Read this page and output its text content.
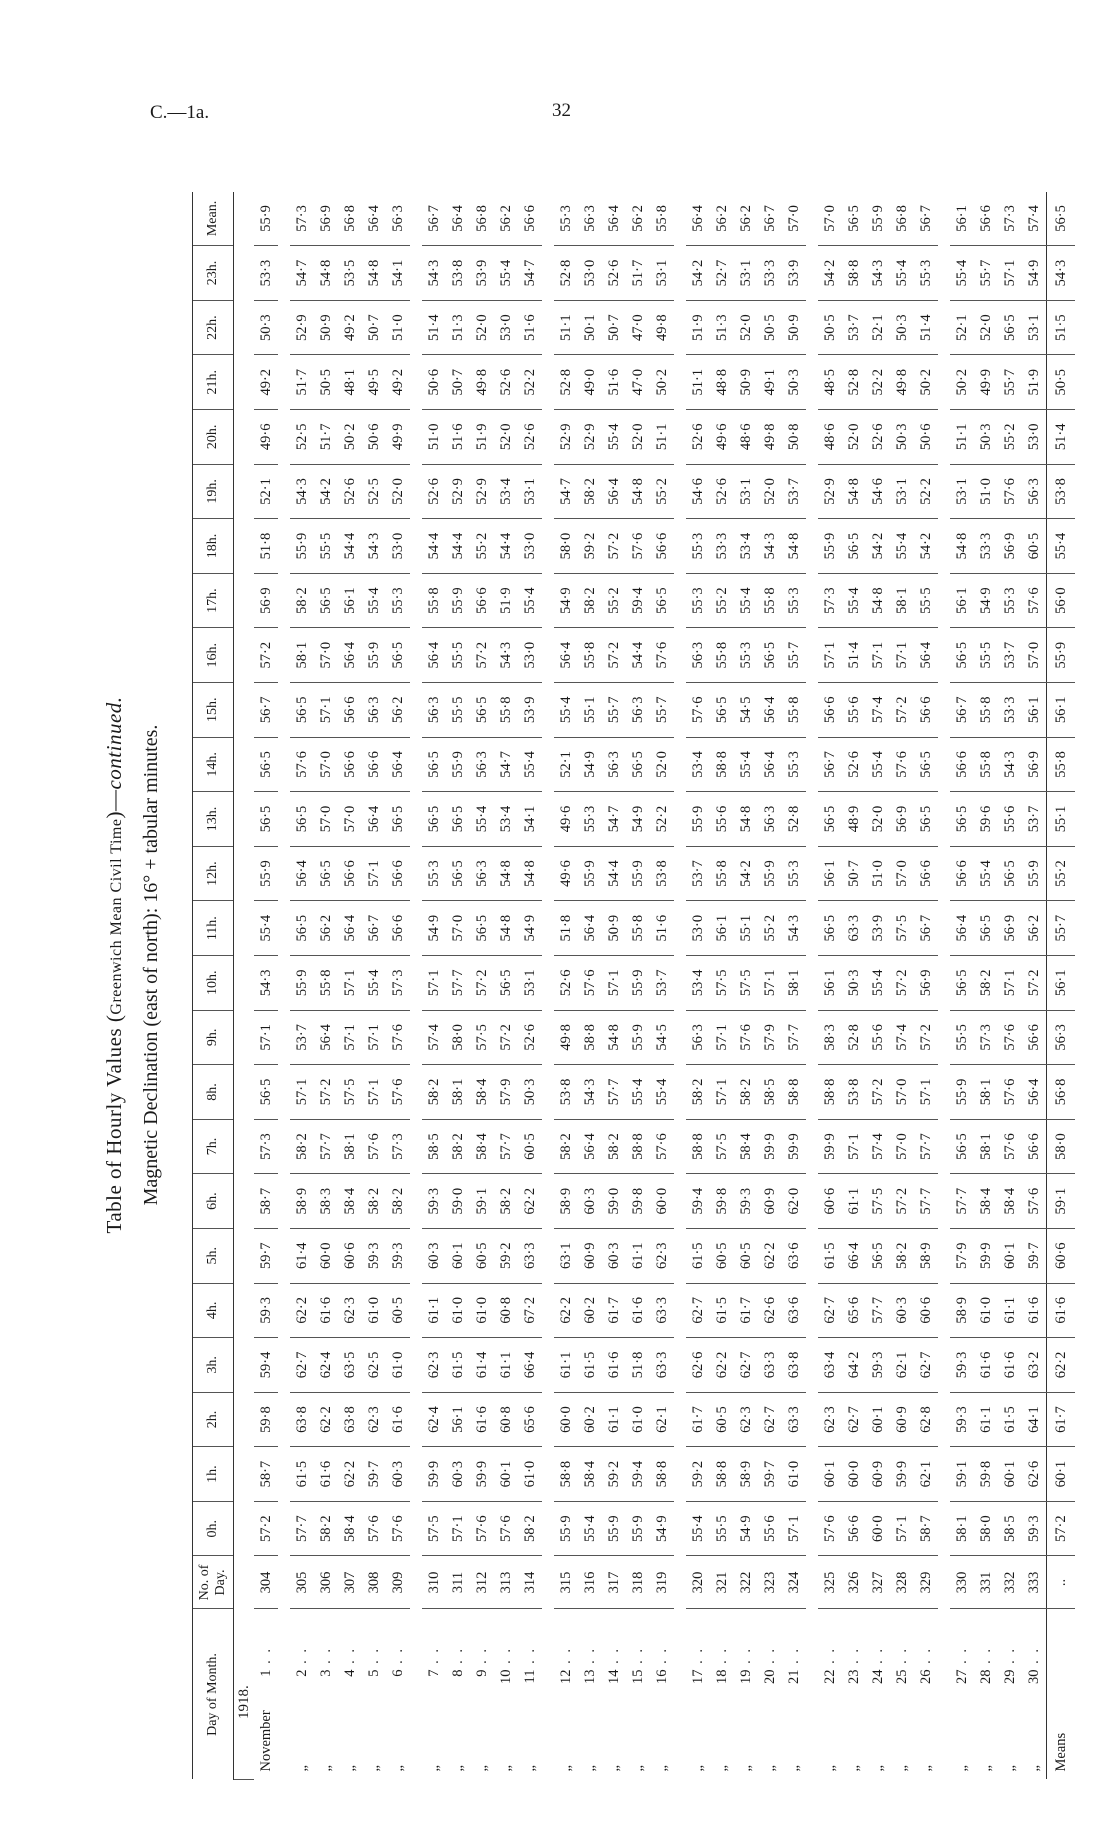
C.—1a.	32
Table of Hourly Values (Greenwich Mean Civil Time)—continued. Magnetic Declination (east of north): 16° + tabular minutes.
Day of Month.	No. of Day.	0h.	1h.	2h.	3h.	4h.	5h.	6h.	7h.	8h.	9h.	10h.	11h.	12h.	13h.	14h.	15h.	16h.	17h.	18h.	19h.	20h.	21h.	22h.	23h.	Mean.
1918.																										
November1 . .	304	57·2	58·7	59·8	59·4	59·3	59·7	58·7	57·3	56·5	57·1	54·3	55·4	55·9	56·5	56·5	56·7	57·2	56·9	51·8	52·1	49·6	49·2	50·3	53·3	55·9

„2 . .	305	57·7	61·5	63·8	62·7	62·2	61·4	58·9	58·2	57·1	53·7	55·9	56·5	56·4	56·5	57·6	56·5	58·1	58·2	55·9	54·3	52·5	51·7	52·9	54·7	57·3
„3 . .	306	58·2	61·6	62·2	62·4	61·6	60·0	58·3	57·7	57·2	56·4	55·8	56·2	56·5	57·0	57·0	57·1	57·0	56·5	55·5	54·2	51·7	50·5	50·9	54·8	56·9
„4 . .	307	58·4	62·2	63·8	63·5	62·3	60·6	58·4	58·1	57·5	57·1	57·1	56·4	56·6	57·0	56·6	56·6	56·4	56·1	54·4	52·6	50·2	48·1	49·2	53·5	56·8
„5 . .	308	57·6	59·7	62·3	62·5	61·0	59·3	58·2	57·6	57·1	57·1	55·4	56·7	57·1	56·4	56·6	56·3	55·9	55·4	54·3	52·5	50·6	49·5	50·7	54·8	56·4
„6 . .	309	57·6	60·3	61·6	61·0	60·5	59·3	58·2	57·3	57·6	57·6	57·3	56·6	56·6	56·5	56·4	56·2	56·5	55·3	53·0	52·0	49·9	49·2	51·0	54·1	56·3

„7 . .	310	57·5	59·9	62·4	62·3	61·1	60·3	59·3	58·5	58·2	57·4	57·1	54·9	55·3	56·5	56·5	56·3	56·4	55·8	54·4	52·6	51·0	50·6	51·4	54·3	56·7
„8 . .	311	57·1	60·3	56·1	61·5	61·0	60·1	59·0	58·2	58·1	58·0	57·7	57·0	56·5	56·5	55·9	55·5	55·5	55·9	54·4	52·9	51·6	50·7	51·3	53·8	56·4
„9 . .	312	57·6	59·9	61·6	61·4	61·0	60·5	59·1	58·4	58·4	57·5	57·2	56·5	56·3	55·4	56·3	56·5	57·2	56·6	55·2	52·9	51·9	49·8	52·0	53·9	56·8
„10 . .	313	57·6	60·1	60·8	61·1	60·8	59·2	58·2	57·7	57·9	57·2	56·5	54·8	54·8	53·4	54·7	55·8	54·3	51·9	54·4	53·4	52·0	52·6	53·0	55·4	56·2
„11 . .	314	58·2	61·0	65·6	66·4	67·2	63·3	62·2	60·5	50·3	52·6	53·1	54·9	54·8	54·1	55·4	53·9	53·0	55·4	53·0	53·1	52·6	52·2	51·6	54·7	56·6

„12 . .	315	55·9	58·8	60·0	61·1	62·2	63·1	58·9	58·2	53·8	49·8	52·6	51·8	49·6	49·6	52·1	55·4	56·4	54·9	58·0	54·7	52·9	52·8	51·1	52·8	55·3
„13 . .	316	55·4	58·4	60·2	61·5	60·2	60·9	60·3	56·4	54·3	58·8	57·6	56·4	55·9	55·3	54·9	55·1	55·8	58·2	59·2	58·2	52·9	49·0	50·1	53·0	56·3
„14 . .	317	55·9	59·2	61·1	61·6	61·7	60·3	59·0	58·2	57·7	54·8	57·1	50·9	54·4	54·7	56·3	55·7	57·2	55·2	57·2	56·4	55·4	51·6	50·7	52·6	56·4
„15 . .	318	55·9	59·4	61·0	51·8	61·6	61·1	59·8	58·8	55·4	55·9	55·9	55·8	55·9	54·9	56·5	56·3	54·4	59·4	57·6	54·8	52·0	47·0	47·0	51·7	56·2
„16 . .	319	54·9	58·8	62·1	63·3	63·3	62·3	60·0	57·6	55·4	54·5	53·7	51·6	53·8	52·2	52·0	55·7	57·6	56·5	56·6	55·2	51·1	50·2	49·8	53·1	55·8

„17 . .	320	55·4	59·2	61·7	62·6	62·7	61·5	59·4	58·8	58·2	56·3	53·4	53·0	53·7	55·9	53·4	57·6	56·3	55·3	55·3	54·6	52·6	51·1	51·9	54·2	56·4
„18 . .	321	55·5	58·8	60·5	62·2	61·5	60·5	59·8	57·5	57·1	57·1	57·5	56·1	55·8	55·6	58·8	56·5	55·8	55·2	53·3	52·6	49·6	48·8	51·3	52·7	56·2
„19 . .	322	54·9	58·9	62·3	62·7	61·7	60·5	59·3	58·4	58·2	57·6	57·5	55·1	54·2	54·8	55·4	54·5	55·3	55·4	53·4	53·1	48·6	50·9	52·0	53·1	56·2
„20 . .	323	55·6	59·7	62·7	63·3	62·6	62·2	60·9	59·9	58·5	57·9	57·1	55·2	55·9	56·3	56·4	56·4	56·5	55·8	54·3	52·0	49·8	49·1	50·5	53·3	56·7
„21 . .	324	57·1	61·0	63·3	63·8	63·6	63·6	62·0	59·9	58·8	57·7	58·1	54·3	55·3	52·8	55·3	55·8	55·7	55·3	54·8	53·7	50·8	50·3	50·9	53·9	57·0

„22 . .	325	57·6	60·1	62·3	63·4	62·7	61·5	60·6	59·9	58·8	58·3	56·1	56·5	56·1	56·5	56·7	56·6	57·1	57·3	55·9	52·9	48·6	48·5	50·5	54·2	57·0
„23 . .	326	56·6	60·0	62·7	64·2	65·6	66·4	61·1	57·1	53·8	52·8	50·3	63·3	50·7	48·9	52·6	55·6	51·4	55·4	56·5	54·8	52·0	52·8	53·7	58·8	56·5
„24 . .	327	60·0	60·9	60·1	59·3	57·7	56·5	57·5	57·4	57·2	55·6	55·4	53·9	51·0	52·0	55·4	57·4	57·1	54·8	54·2	54·6	52·6	52·2	52·1	54·3	55·9
„25 . .	328	57·1	59·9	60·9	62·1	60·3	58·2	57·2	57·0	57·0	57·4	57·2	57·5	57·0	56·9	57·6	57·2	57·1	58·1	55·4	53·1	50·3	49·8	50·3	55·4	56·8
„26 . .	329	58·7	62·1	62·8	62·7	60·6	58·9	57·7	57·7	57·1	57·2	56·9	56·7	56·6	56·5	56·5	56·6	56·4	55·5	54·2	52·2	50·6	50·2	51·4	55·3	56·7

„27 . .	330	58·1	59·1	59·3	59·3	58·9	57·9	57·7	56·5	55·9	55·5	56·5	56·4	56·6	56·5	56·6	56·7	56·5	56·1	54·8	53·1	51·1	50·2	52·1	55·4	56·1
„28 . .	331	58·0	59·8	61·1	61·6	61·0	59·9	58·4	58·1	58·1	57·3	58·2	56·5	55·4	59·6	55·8	55·8	55·5	54·9	53·3	51·0	50·3	49·9	52·0	55·7	56·6
„29 . .	332	58·5	60·1	61·5	61·6	61·1	60·1	58·4	57·6	57·6	57·6	57·1	56·9	56·5	55·6	54·3	53·3	53·7	55·3	56·9	57·6	55·2	55·7	56·5	57·1	57·3
„30 . .	333	59·3	62·6	64·1	63·2	61·6	59·7	57·6	56·6	56·4	56·6	57·2	56·2	55·9	53·7	56·9	56·1	57·0	57·6	60·5	56·3	53·0	51·9	53·1	54·9	57·4
Means	..	57·2	60·1	61·7	62·2	61·6	60·6	59·1	58·0	56·8	56·3	56·1	55·7	55·2	55·1	55·8	56·1	55·9	56·0	55·4	53·8	51·4	50·5	51·5	54·3	56·5
